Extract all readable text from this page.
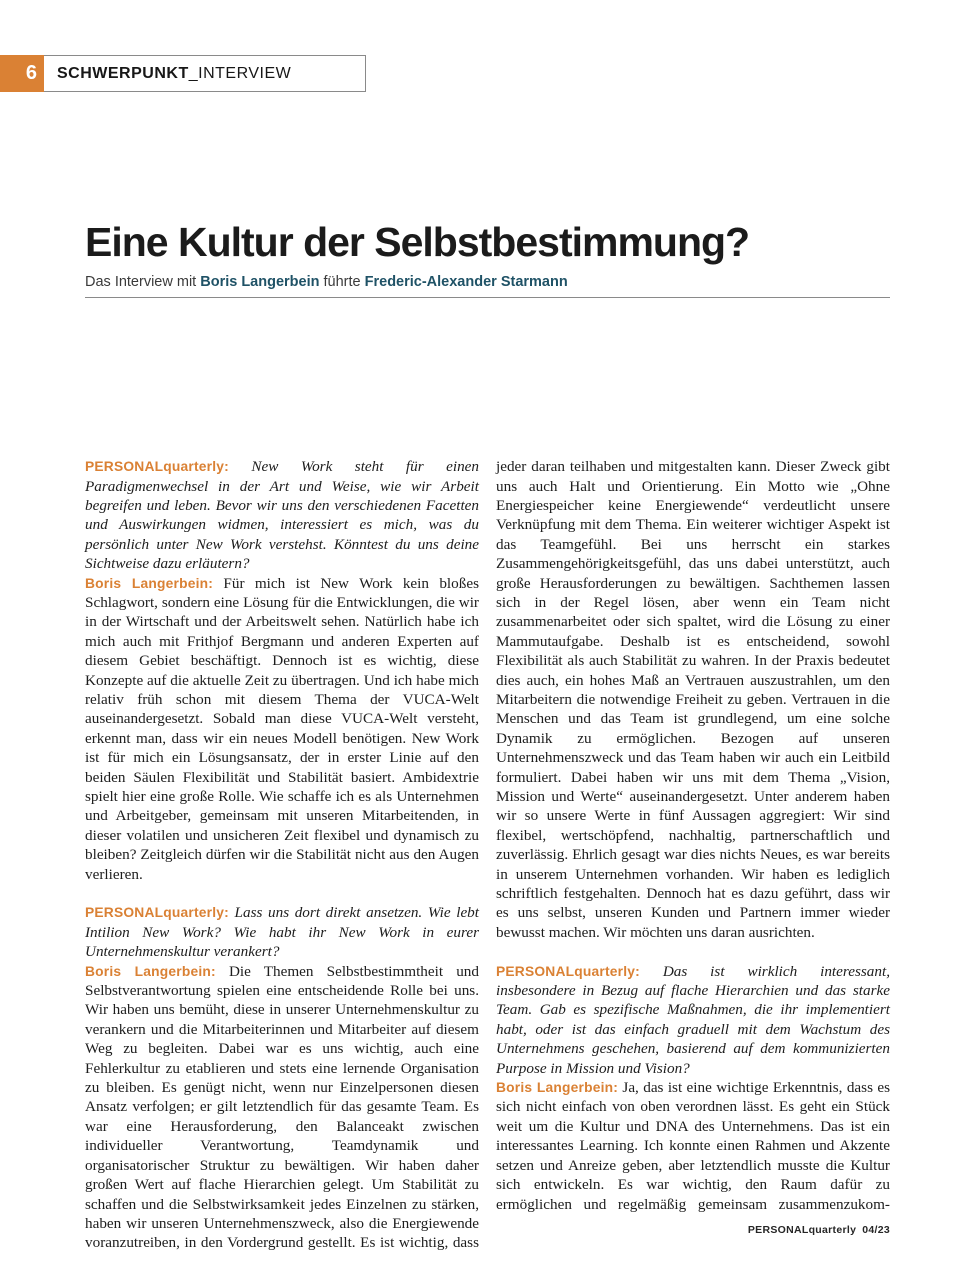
6 SCHWERPUNKT _INTERVIEW
Eine Kultur der Selbstbestimmung?

Das Interview mit Boris Langerbein führte Frederic-Alexander Starmann

PERSONALquarterly: New Work steht für einen Paradigmenwechsel in der Art und Weise, wie wir Arbeit begreifen und leben. Bevor wir uns den verschiedenen Facetten und Auswirkungen widmen, interessiert es mich, was du persönlich unter New Work verstehst. Könntest du uns deine Sichtweise dazu erläutern?

Boris Langerbein: Für mich ist New Work kein bloßes Schlagwort, sondern eine Lösung für die Entwicklungen, die wir in der Wirtschaft und der Arbeitswelt sehen. Natürlich habe ich mich auch mit Frithjof Bergmann und anderen Experten auf diesem Gebiet beschäftigt. Dennoch ist es wichtig, diese Konzepte auf die aktuelle Zeit zu übertragen. Und ich habe mich relativ früh schon mit diesem Thema der VUCA-Welt auseinandergesetzt. Sobald man diese VUCA-Welt versteht, erkennt man, dass wir ein neues Modell benötigen. New Work ist für mich ein Lösungsansatz, der in erster Linie auf den beiden Säulen Flexibilität und Stabilität basiert. Ambidextrie spielt hier eine große Rolle. Wie schaffe ich es als Unternehmen und Arbeitgeber, gemeinsam mit unseren Mitarbeitenden, in dieser volatilen und unsicheren Zeit flexibel und dynamisch zu bleiben? Zeitgleich dürfen wir die Stabilität nicht aus den Augen verlieren.

PERSONALquarterly: Lass uns dort direkt ansetzen. Wie lebt Intilion New Work? Wie habt ihr New Work in eurer Unternehmenskultur verankert?

Boris Langerbein: Die Themen Selbstbestimmtheit und Selbstverantwortung spielen eine entscheidende Rolle bei uns. Wir haben uns bemüht, diese in unserer Unternehmenskultur zu verankern und die Mitarbeiterinnen und Mitarbeiter auf diesem Weg zu begleiten. Dabei war es uns wichtig, auch eine Fehlerkultur zu etablieren und stets eine lernende Organisation zu bleiben. Es genügt nicht, wenn nur Einzelpersonen diesen Ansatz verfolgen; er gilt letztendlich für das gesamte Team. Es war eine Herausforderung, den Balanceakt zwischen individueller Verantwortung, Teamdynamik und organisatorischer Struktur zu bewältigen. Wir haben daher großen Wert auf flache Hierarchien gelegt. Um Stabilität zu schaffen und die Selbstwirksamkeit jedes Einzelnen zu stärken, haben wir unseren Unternehmenszweck, also die Energiewende voranzutreiben, in den Vordergrund gestellt. Es ist wichtig, dass

jeder daran teilhaben und mitgestalten kann. Dieser Zweck gibt uns auch Halt und Orientierung. Ein Motto wie „Ohne Energiespeicher keine Energiewende“ verdeutlicht unsere Verknüpfung mit dem Thema. Ein weiterer wichtiger Aspekt ist das Teamgefühl. Bei uns herrscht ein starkes Zusammengehörigkeitsgefühl, das uns dabei unterstützt, auch große Herausforderungen zu bewältigen. Sachthemen lassen sich in der Regel lösen, aber wenn ein Team nicht zusammenarbeitet oder sich spaltet, wird die Lösung zu einer Mammutaufgabe. Deshalb ist es entscheidend, sowohl Flexibilität als auch Stabilität zu wahren. In der Praxis bedeutet dies auch, ein hohes Maß an Vertrauen auszustrahlen, um den Mitarbeitern die notwendige Freiheit zu geben. Vertrauen in die Menschen und das Team ist grundlegend, um eine solche Dynamik zu ermöglichen. Bezogen auf unseren Unternehmenszweck und das Team haben wir auch ein Leitbild formuliert. Dabei haben wir uns mit dem Thema „Vision, Mission und Werte“ auseinandergesetzt. Unter anderem haben wir so unsere Werte in fünf Aussagen aggregiert: Wir sind flexibel, wertschöpfend, nachhaltig, partnerschaftlich und zuverlässig. Ehrlich gesagt war dies nichts Neues, es war bereits in unserem Unternehmen vorhanden. Wir haben es lediglich schriftlich festgehalten. Dennoch hat es dazu geführt, dass wir es uns selbst, unseren Kunden und Partnern immer wieder bewusst machen. Wir möchten uns daran ausrichten.

PERSONALquarterly: Das ist wirklich interessant, insbesondere in Bezug auf flache Hierarchien und das starke Team. Gab es spezifische Maßnahmen, die ihr implementiert habt, oder ist das einfach graduell mit dem Wachstum des Unternehmens geschehen, basierend auf dem kommunizierten Purpose in Mission und Vision?

Boris Langerbein: Ja, das ist eine wichtige Erkenntnis, dass es sich nicht einfach von oben verordnen lässt. Es geht ein Stück weit um die Kultur und DNA des Unternehmens. Das ist ein interessantes Learning. Ich konnte einen Rahmen und Akzente setzen und Anreize geben, aber letztendlich musste die Kultur sich entwickeln. Es war wichtig, den Raum dafür zu ermöglichen und regelmäßig gemeinsam zusammenzukom-

PERSONALquarterly 04/23
